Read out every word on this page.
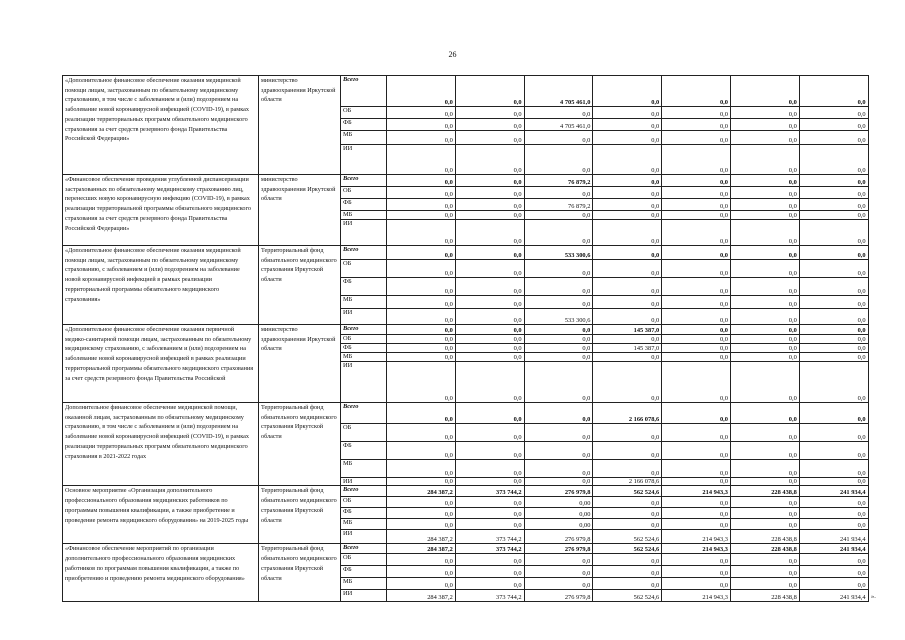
26
«Дополнительное финансовое обеспечение оказания медицинской помощи лицам, застрахованным по обязательному медицинскому страхованию, в том числе с заболеванием и (или) подозрением на заболевание новой коронавирусной инфекцией (COVID-19), в рамках реализации территориальных программ обязательного медицинского страхования за счет средств резервного фонда Правительства Российской Федерации»	министерство здравоохранения Иркутской области	Всего	0,0	0,0	4 705 461,0	0,0	0,0	0,0	0,0
		ОБ	0,0	0,0	0,0	0,0	0,0	0,0	0,0
		ФБ	0,0	0,0	4 705 461,0	0,0	0,0	0,0	0,0
		МБ	0,0	0,0	0,0	0,0	0,0	0,0	0,0
		ИИ	0,0	0,0	0,0	0,0	0,0	0,0	0,0
«Финансовое обеспечение проведения углубленной диспансеризации застрахованных по обязательному медицинскому страхованию лиц, перенесших новую коронавирусную инфекцию (COVID-19), в рамках реализации территориальной программы обязательного медицинского страхования за счет средств резервного фонда Правительства Российской Федерации»	министерство здравоохранения Иркутской области	Всего	0,0	0,0	76 879,2	0,0	0,0	0,0	0,0
		ОБ	0,0	0,0	0,0	0,0	0,0	0,0	0,0
		ФБ	0,0	0,0	76 879,2	0,0	0,0	0,0	0,0
		МБ	0,0	0,0	0,0	0,0	0,0	0,0	0,0
		ИИ	0,0	0,0	0,0	0,0	0,0	0,0	0,0
«Дополнительное финансовое обеспечение оказания медицинской помощи лицам, застрахованным по обязательному медицинскому страхованию, с заболеванием и (или) подозрением на заболевание новой коронавирусной инфекцией в рамках реализации территориальной программы обязательного медицинского страхования»	Территориальный фонд обязательного медицинского страхования Иркутской области	Всего	0,0	0,0	533 300,6	0,0	0,0	0,0	0,0
		ОБ	0,0	0,0	0,0	0,0	0,0	0,0	0,0
		ФБ	0,0	0,0	0,0	0,0	0,0	0,0	0,0
		МБ	0,0	0,0	0,0	0,0	0,0	0,0	0,0
		ИИ	0,0	0,0	533 300,6	0,0	0,0	0,0	0,0
«Дополнительное финансовое обеспечение оказания первичной медико-санитарной помощи лицам, застрахованным по обязательному медицинскому страхованию, с заболеванием и (или) подозрением на заболевание новой коронавирусной инфекцией в рамках реализации территориальной программы обязательного медицинского страхования за счет средств резервного фонда Правительства Российской	министерство здравоохранения Иркутской области	Всего	0,0	0,0	0,0	145 387,0	0,0	0,0	0,0
		ОБ	0,0	0,0	0,0	0,0	0,0	0,0	0,0
		ФБ	0,0	0,0	0,0	145 387,0	0,0	0,0	0,0
		МБ	0,0	0,0	0,0	0,0	0,0	0,0	0,0
		ИИ	0,0	0,0	0,0	0,0	0,0	0,0	0,0
Дополнительное финансовое обеспечение медицинской помощи, оказанной лицам, застрахованным по обязательному медицинскому страхованию, в том числе с заболеванием и (или) подозрением на заболевание новой коронавирусной инфекцией (COVID-19), в рамках реализации территориальных программ обязательного медицинского страхования в 2021-2022 годах	Территориальный фонд обязательного медицинского страхования Иркутской области	Всего	0,0	0,0	0,0	2 166 078,6	0,0	0,0	0,0
		ОБ	0,0	0,0	0,0	0,0	0,0	0,0	0,0
		ФБ	0,0	0,0	0,0	0,0	0,0	0,0	0,0
		МБ	0,0	0,0	0,0	0,0	0,0	0,0	0,0
		ИИ	0,0	0,0	0,0	2 166 078,6	0,0	0,0	0,0
Основное мероприятие «Организация дополнительного профессионального образования медицинских работников по программам повышения квалификации, а также приобретение и проведение ремонта медицинского оборудования» на 2019-2025 годы	Территориальный фонд обязательного медицинского страхования Иркутской области	Всего	284 387,2	373 744,2	276 979,8	562 524,6	214 943,3	228 438,8	241 934,4
		ОБ	0,0	0,0	0,00	0,0	0,0	0,0	0,0
		ФБ	0,0	0,0	0,00	0,0	0,0	0,0	0,0
		МБ	0,0	0,0	0,00	0,0	0,0	0,0	0,0
		ИИ	284 387,2	373 744,2	276 979,8	562 524,6	214 943,3	228 438,8	241 934,4
«Финансовое обеспечение мероприятий по организации дополнительного профессионального образования медицинских работников по программам повышения квалификации, а также по приобретению и проведению ремонта медицинского оборудования»	Территориальный фонд обязательного медицинского страхования Иркутской области	Всего	284 387,2	373 744,2	276 979,8	562 524,6	214 943,3	228 438,8	241 934,4
		ОБ	0,0	0,0	0,0	0,0	0,0	0,0	0,0
		ФБ	0,0	0,0	0,0	0,0	0,0	0,0	0,0
		МБ	0,0	0,0	0,0	0,0	0,0	0,0	0,0
		ИИ	284 387,2	373 744,2	276 979,8	562 524,6	214 943,3	228 438,8	241 934,4 ».
